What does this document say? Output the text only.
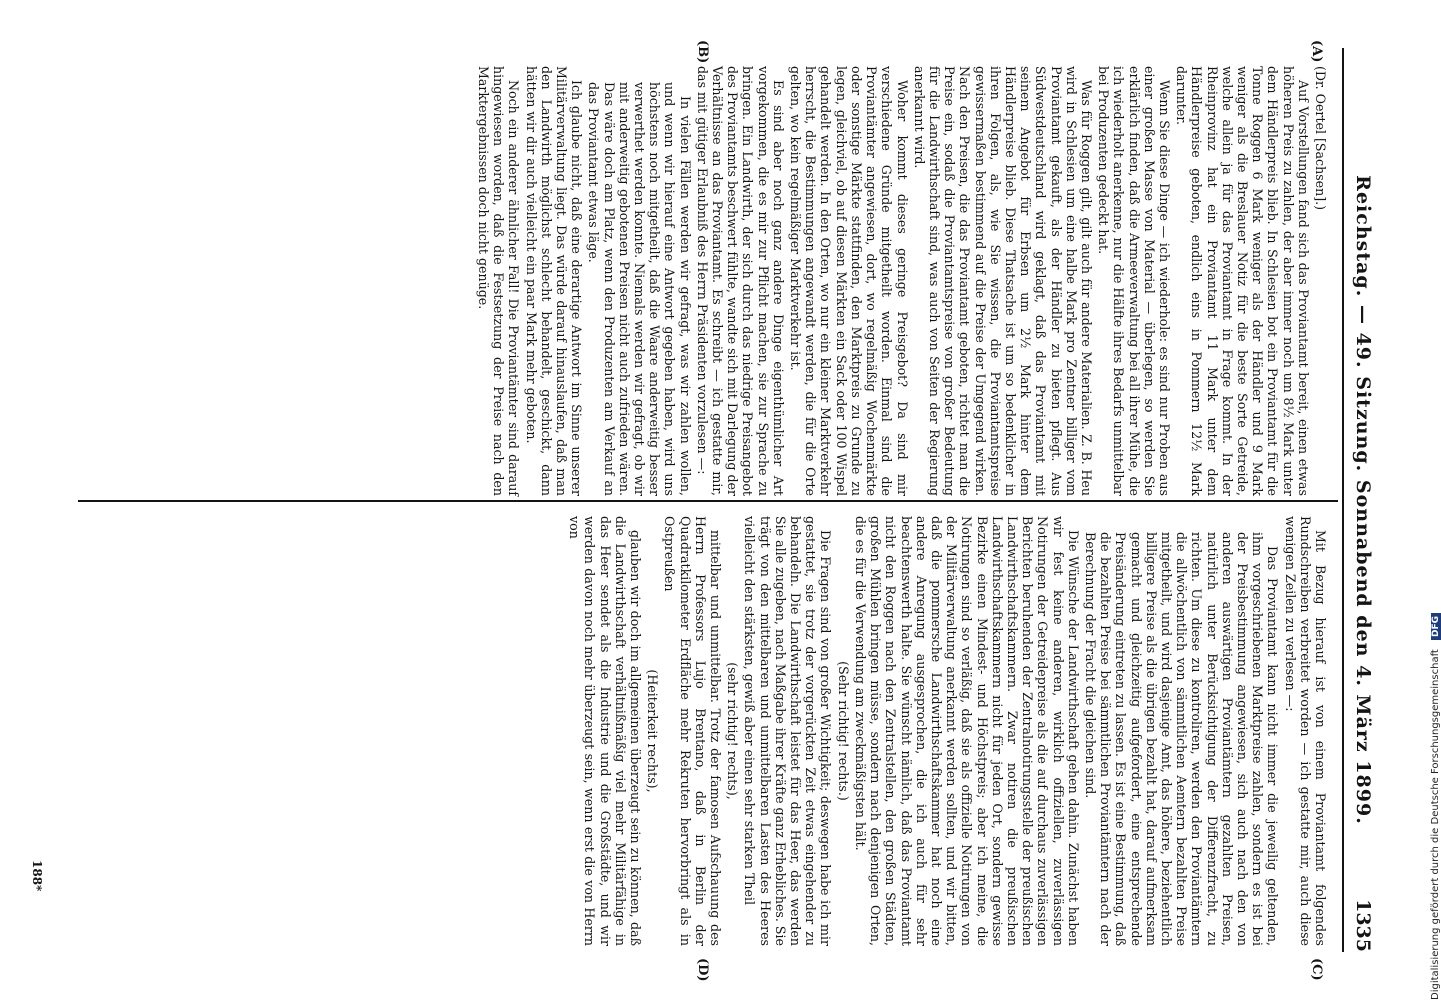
Reichstag. — 49. Sitzung. Sonnabend den 4. März 1899.
1335
(A)
(B)
(C)
(D)

(Dr. Oertel [Sachsen].)

Auf Vorstellungen fand sich das Proviantamt bereit, einen etwas höheren Preis zu zahlen, der aber immer noch um 8½ Mark unter dem Händlerpreis blieb. In Schlesien bot ein Proviantamt für die Tonne Roggen 6 Mark weniger als der Händler und 9 Mark weniger als die Breslauer Notiz für die beste Sorte Getreide, welche allein ja für das Proviantamt in Frage kommt. In der Rheinprovinz hat ein Proviantamt 11 Mark unter dem Händlerpreise geboten, endlich eins in Pommern 12½ Mark darunter.

Wenn Sie diese Dinge — ich wiederhole: es sind nur Proben aus einer großen Masse von Material — überlegen, so werden Sie erklärlich finden, daß die Armeeverwaltung bei all ihrer Mühe, die ich wiederholt anerkenne, nur die Hälfte ihres Bedarfs unmittelbar bei Produzenten gedeckt hat.

Was für Roggen gilt, gilt auch für andere Materialien. Z. B. Heu wird in Schlesien um eine halbe Mark pro Zentner billiger vom Proviantamt gekauft, als der Händler zu bieten pflegt. Aus Südwestdeutschland wird geklagt, daß das Proviantamt mit seinem Angebot für Erbsen um 2½ Mark hinter dem Händlerpreise blieb. Diese Thatsache ist um so bedenklicher in ihren Folgen, als, wie Sie wissen, die Proviantamtspreise gewissermaßen bestimmend auf die Preise der Umgegend wirken. Nach den Preisen, die das Proviantamt geboten, richtet man die Preise ein, sodaß die Proviantamtspreise von großer Bedeutung für die Landwirthschaft sind, was auch von Seiten der Regierung anerkannt wird.

Woher kommt dieses geringe Preisgebot? Da sind mir verschiedene Gründe mitgetheilt worden. Einmal sind die Proviantämter angewiesen, dort, wo regelmäßig Wochenmärkte oder sonstige Märkte stattfinden, den Marktpreis zu Grunde zu legen, gleichviel, ob auf diesen Märkten ein Sack oder 100 Wispel gehandelt werden. In den Orten, wo nur ein kleiner Marktverkehr herrscht, die Bestimmungen angewandt werden, die für die Orte gelten, wo kein regelmäßiger Marktverkehr ist.

Es sind aber noch ganz andere Dinge eigenthümlicher Art vorgekommen, die es mir zur Pflicht machen, sie zur Sprache zu bringen. Ein Landwirth, der sich durch das niedrige Preisangebot des Proviantamts beschwert fühlte, wandte sich mit Darlegung der Verhältnisse an das Proviantamt. Es schreibt — ich gestatte mir, das mit gütiger Erlaubniß des Herrn Präsidenten vorzulesen —:

In vielen Fällen werden wir gefragt, was wir zahlen wollen, und wenn wir hierauf eine Antwort gegeben haben, wird uns höchstens noch mitgetheilt, daß die Waare anderweitig besser verwerthet werden konnte. Niemals werden wir gefragt, ob wir mit anderweitig gebotenen Preisen nicht auch zufrieden wären. Das wäre doch am Platz, wenn den Produzenten am Verkauf an das Proviantamt etwas läge.

Ich glaube nicht, daß eine derartige Antwort im Sinne unserer Militärverwaltung liegt. Das würde darauf hinauslaufen, daß man den Landwirth möglichst schlecht behandelt, geschickt, dann hätten wir dir auch vielleicht ein paar Mark mehr geboten.

Noch ein anderer ähnlicher Fall! Die Proviantämter sind darauf hingewiesen worden, daß die Festsetzung der Preise nach den Marktergebnissen doch nicht genüge.

Mit Bezug hierauf ist von einem Proviantamt folgendes Rundschreiben verbreitet worden — ich gestatte mir, auch diese wenigen Zeilen zu verlesen —:

Das Proviantamt kann nicht immer die jeweilig geltenden, ihm vorgeschriebenen Marktpreise zahlen, sondern es ist bei der Preisbestimmung angewiesen, sich auch nach den von anderen auswärtigen Proviantämtern gezahlten Preisen, natürlich unter Berücksichtigung der Differenzfracht, zu richten. Um diese zu kontroliren, werden den Proviantämtern die allwöchentlich von sämmtlichen Aemtern bezahlten Preise mitgetheilt, und wird dasjenige Amt, das höhere, beziehentlich billigere Preise als die übrigen bezahlt hat, darauf aufmerksam gemacht und gleichzeitig aufgefordert, eine entsprechende Preisänderung eintreten zu lassen. Es ist eine Bestimmung, daß die bezahlten Preise bei sämmtlichen Proviantämtern nach der Berechnung der Fracht die gleichen sind.

Die Wünsche der Landwirthschaft gehen dahin. Zunächst haben wir fest keine anderen, wirklich offiziellen, zuverlässigen Notirungen der Getreidepreise als die auf durchaus zuverlässigen Berichten beruhenden der Zentralnotirungsstelle der preußischen Landwirthschaftskammern. Zwar notiren die preußischen Landwirthschaftskammern nicht für jeden Ort, sondern gewisse Bezirke einen Mindest- und Höchstpreis; aber ich meine, die Notirungen sind so verläßig, daß sie als offizielle Notirungen von der Militärverwaltung anerkannt werden sollten, und wir bitten, daß die pommersche Landwirthschaftskammer hat noch eine andere Anregung ausgesprochen, die ich auch für sehr beachtenswerth halte. Sie wünscht nämlich, daß das Proviantamt nicht den Roggen nach den Zentralstellen, den großen Städten, großen Mühlen bringen müsse, sondern nach denjenigen Orten, die es für die Verwendung am zweckmäßigsten hält.

(Sehr richtig! rechts.)

Die Fragen sind von großer Wichtigkeit; deswegen habe ich mir gestattet, sie trotz der vorgerückten Zeit etwas eingehender zu behandeln. Die Landwirthschaft leistet für das Heer, das werden Sie alle zugeben, nach Maßgabe ihrer Kräfte ganz Erhebliches. Sie trägt von den mittelbaren und unmittelbaren Lasten des Heeres vielleicht den stärksten, gewiß aber einen sehr starken Theil

(sehr richtig! rechts),

mittelbar und unmittelbar. Trotz der famosen Aufschauung des Herrn Professors Lujo Brentano, daß in Berlin der Quadratkilometer Erdfläche mehr Rekruten hervorbringt als in Ostpreußen

(Heiterkeit rechts),

glauben wir doch im allgemeinen überzeugt sein zu können, daß die Landwirthschaft verhältnißmäßig viel mehr Militärfähige in das Heer sendet als die Industrie und die Großstädte, und wir werden davon noch mehr überzeugt sein, wenn erst die von Herrn von

188*	Digitalisierung gefördert durch die Deutsche Forschungsgemeinschaft DFG
